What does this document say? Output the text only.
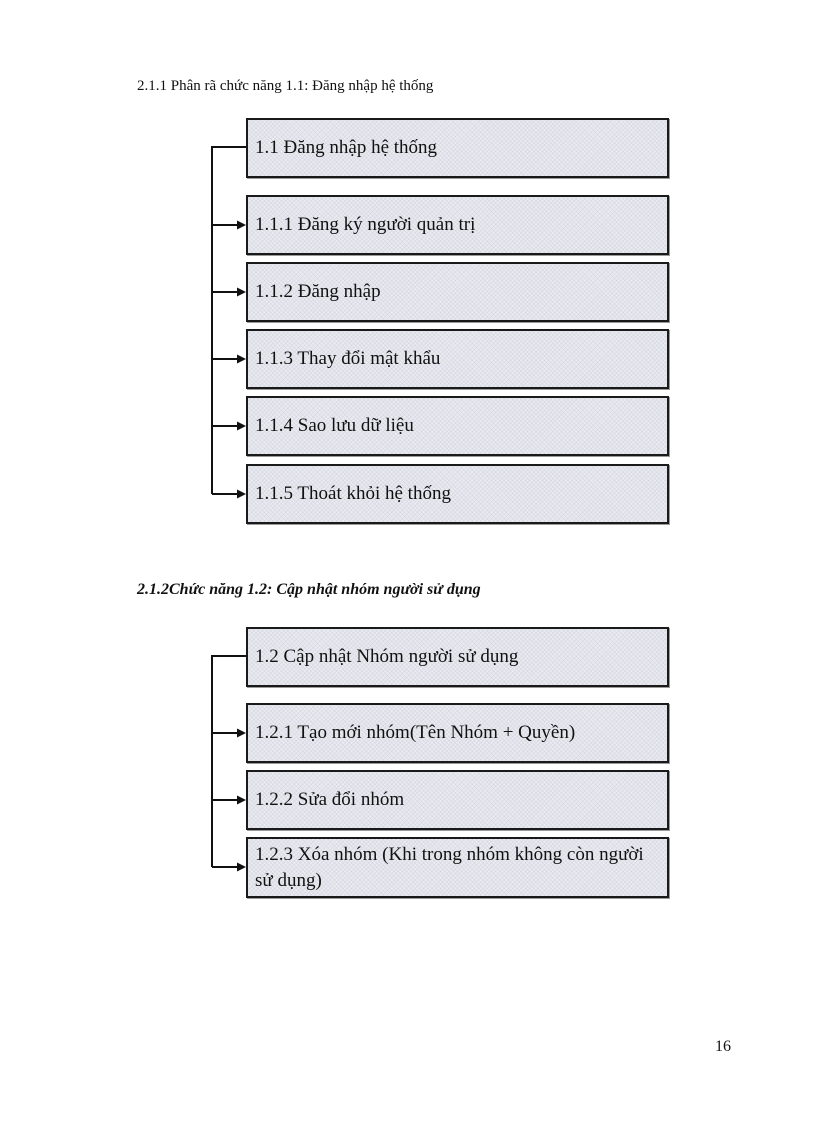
2.1.1 Phân rã chức năng 1.1: Đăng nhập hệ thống
1.1 Đăng nhập hệ thống
1.1.1 Đăng ký người quản trị
1.1.2 Đăng nhập
1.1.3 Thay đổi mật khẩu
1.1.4 Sao lưu dữ liệu
1.1.5 Thoát khỏi hệ thống
2.1.2Chức năng 1.2: Cập nhật nhóm người sử dụng
1.2 Cập nhật Nhóm người sử dụng
1.2.1 Tạo mới nhóm(Tên Nhóm + Quyền)
1.2.2 Sửa đổi nhóm
1.2.3 Xóa nhóm (Khi trong nhóm không còn người sử dụng)
16
